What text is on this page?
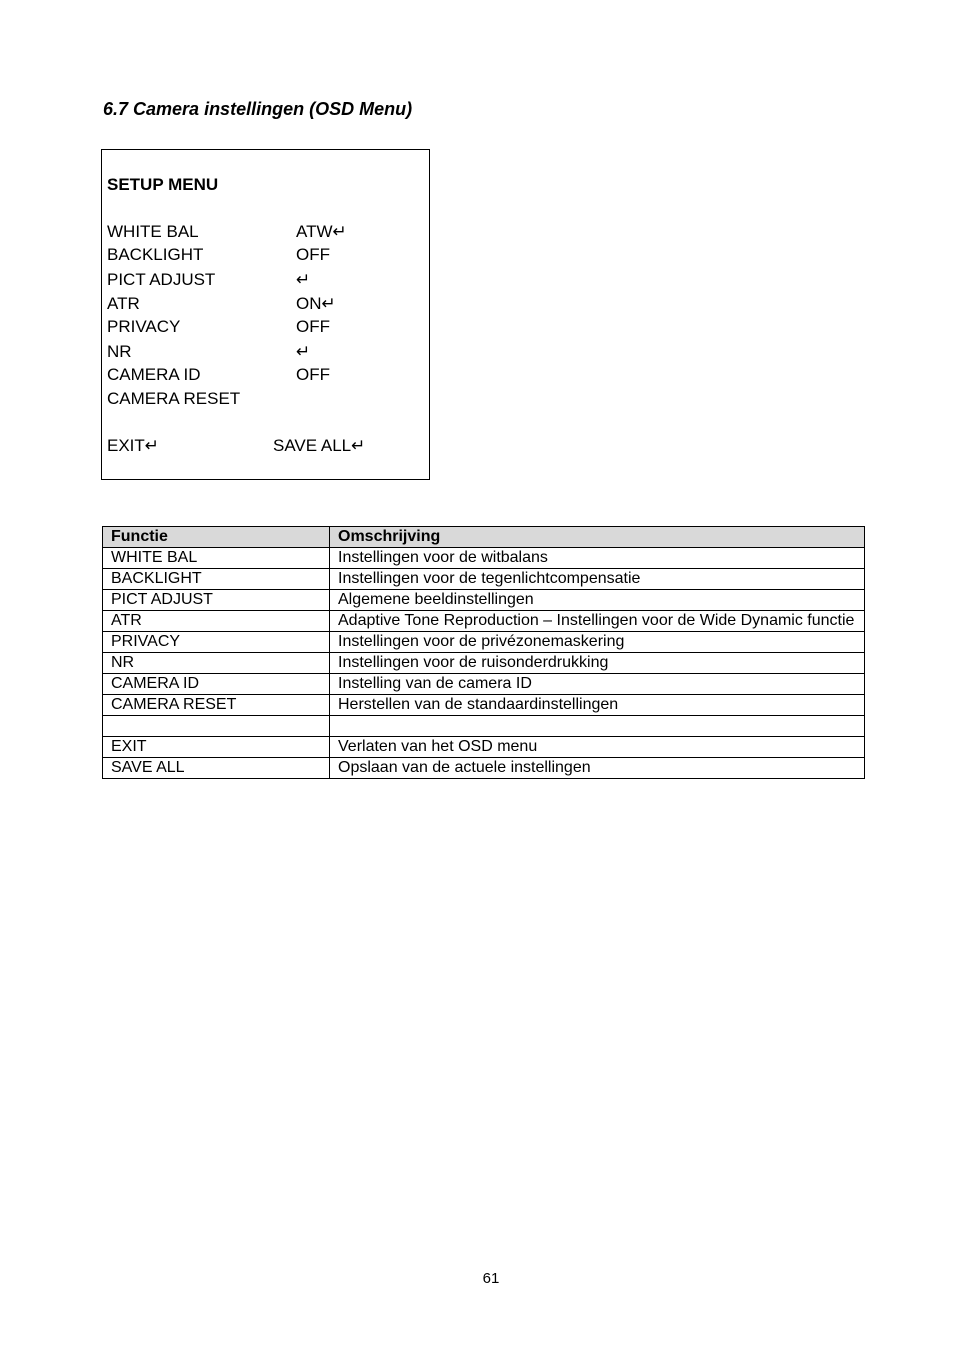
6.7 Camera instellingen (OSD Menu)
SETUP MENU
WHITE BAL	ATW↵
BACKLIGHT	OFF
PICT ADJUST	↵
ATR	ON↵
PRIVACY	OFF
NR	↵
CAMERA ID	OFF
CAMERA RESET
EXIT↵	SAVE ALL↵
Functie	Omschrijving
WHITE BAL	Instellingen voor de witbalans
BACKLIGHT	Instellingen voor de tegenlichtcompensatie
PICT ADJUST	Algemene beeldinstellingen
ATR	Adaptive Tone Reproduction – Instellingen voor de Wide Dynamic functie
PRIVACY	Instellingen voor de privézonemaskering
NR	Instellingen voor de ruisonderdrukking
CAMERA ID	Instelling van de camera ID
CAMERA RESET	Herstellen van de standaardinstellingen

EXIT	Verlaten van het OSD menu
SAVE ALL	Opslaan van de actuele instellingen
61
